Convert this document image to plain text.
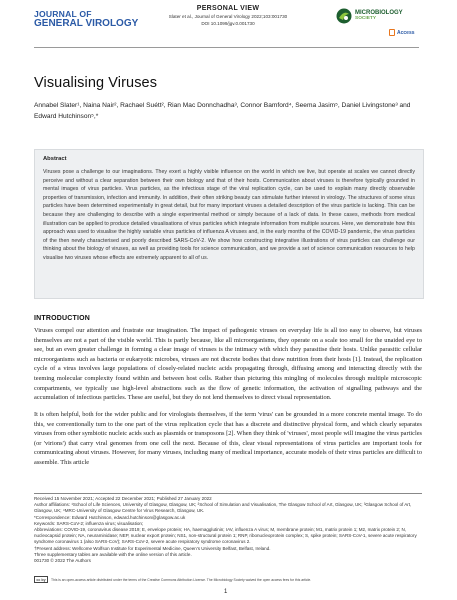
JOURNAL OF
GENERAL VIROLOGY
PERSONAL VIEW
Slater et al., Journal of General Virology 2022;103:001730
DOI 10.1099/jgv.0.001730
MICROBIOLOGY
SOCIETY
Access
Visualising Viruses
Annabel Slater¹, Naina Nair², Rachael Suétt², Rian Mac Donnchadha³, Connor Bamford⁴, Seema Jasim⁵, Daniel Livingstone³ and Edward Hutchinson⁵,*
Abstract

Viruses pose a challenge to our imaginations. They exert a highly visible influence on the world in which we live, but operate at scales we cannot directly perceive and without a clear separation between their own biology and that of their hosts. Communication about viruses is therefore typically grounded in mental images of virus particles. Virus particles, as the infectious stage of the viral replication cycle, can be used to explain many directly observable properties of transmission, infection and immunity. In addition, their often striking beauty can stimulate further interest in virology. The structures of some virus particles have been determined experimentally in great detail, but for many important viruses a detailed description of the virus particle is lacking. This can be because they are challenging to describe with a single experimental method or simply because of a lack of data. In these cases, methods from medical illustration can be applied to produce detailed visualisations of virus particles which integrate information from multiple sources. Here, we demonstrate how this approach was used to visualise the highly variable virus particles of influenza A viruses and, in the early months of the COVID-19 pandemic, the virus particles of the then newly characterised and poorly described SARS-CoV-2. We show how constructing integrative illustrations of virus particles can challenge our thinking about the biology of viruses, as well as providing tools for science communication, and we provide a set of science communication resources to help visualise two viruses whose effects are extremely apparent to all of us.

INTRODUCTION

Viruses compel our attention and frustrate our imagination. The impact of pathogenic viruses on everyday life is all too easy to observe, but viruses themselves are not a part of the visible world. This is partly because, like all microorganisms, they operate on a scale too small for the unaided eye to see, but an even greater challenge in forming a clear image of viruses is the intimacy with which they parasitise their hosts. Unlike parasitic cellular microorganisms such as bacteria or eukaryotic microbes, viruses are not discrete bodies that draw nutrition from their hosts [1]. Instead, the replication cycle of a virus involves large populations of closely-related nucleic acids propagating through, diffusing among and interacting directly with the teeming molecular complexity found within and between host cells. Rather than picturing this mingling of molecules through multiple microscopic compartments, we typically use high-level abstractions such as the flow of genetic information, the activation of signalling pathways and the accumulation of infectious particles. These are useful, but they do not lend themselves to direct visual representation.

It is often helpful, both for the wider public and for virologists themselves, if the term 'virus' can be grounded in a more concrete mental image. To do this, we conventionally turn to the one part of the virus replication cycle that has a discrete and distinctive physical form, and which clearly separates viruses from other symbiotic nucleic acids such as plasmids or transposons [2]. When they think of 'viruses', most people will imagine the virus particles (or 'virions') that carry viral genomes from one cell the next. Because of this, clear visual representations of virus particles are important tools for communicating about viruses. However, for many viruses, including many of medical importance, accurate models of their virus particles are difficult to assemble. This article

Received 15 November 2021; Accepted 22 December 2021; Published 27 January 2022
Author affiliations: ¹School of Life Sciences, University of Glasgow, Glasgow, UK; ²School of Simulation and Visualisation, The Glasgow School of Art, Glasgow, UK; ³Glasgow School of Art, Glasgow, UK; ⁴MRC-University of Glasgow Centre for Virus Research, Glasgow, UK.
*Correspondence: Edward Hutchinson, edward.hutchinson@glasgow.ac.uk
Keywords: SARS-CoV-2; influenza virus; visualisation;
Abbreviations: COVID-19, coronavirus disease 2019; E, envelope protein; HA, haemagglutinin; IAV, influenza A virus; M, membrane protein; M1, matrix protein 1; M2, matrix protein 2; N, nucleocapsid protein; NA, neuraminidase; NEP, nuclear export protein; NS1, non-structural protein 1; RNP, ribonucleoprotein complex; S, spike protein; SARS-CoV-1, severe acute respiratory syndrome coronavirus 1 (also SARS-CoV); SARS-CoV-2, severe acute respiratory syndrome coronavirus 2.
†Present address: Wellcome Wolfson Institute for Experimental Medicine, Queen's University Belfast, Belfast, Ireland.
Three supplementary tables are available with the online version of this article.
001730 © 2022 The Authors
cc by	This is an open-access article distributed under the terms of the Creative Commons Attribution License. The Microbiology Society waived the open access fees for this article.
1
